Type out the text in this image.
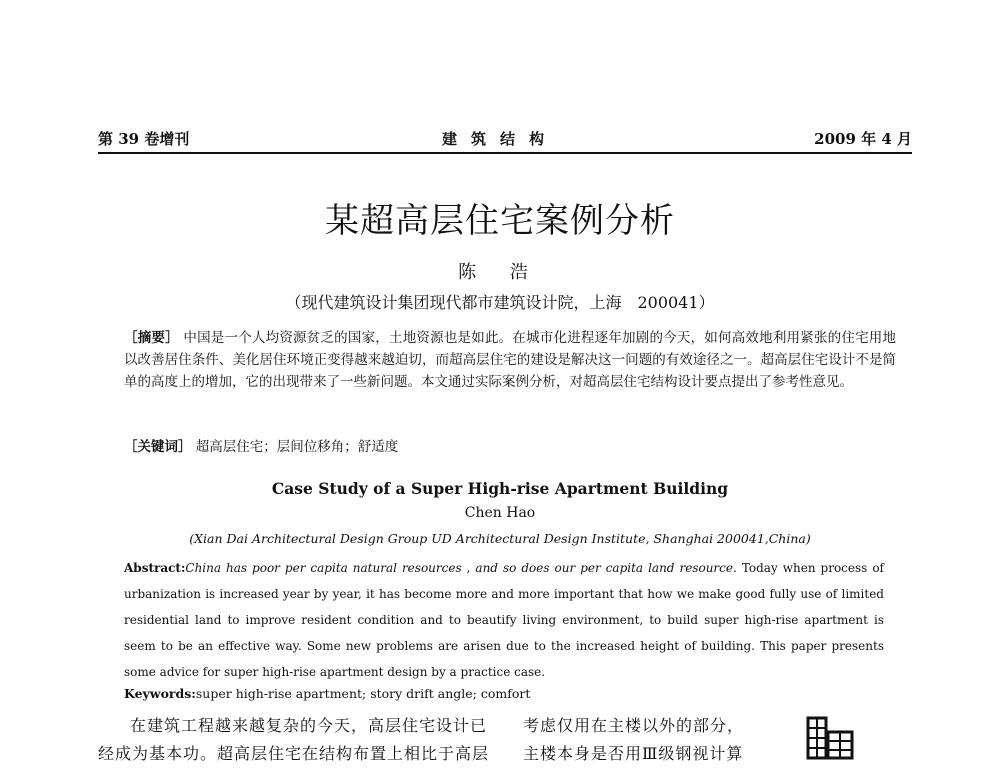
第 39 卷增刊	建筑结构	2009 年 4 月
某超高层住宅案例分析
陈 浩
（现代建筑设计集团现代都市建筑设计院，上海　200041）
［摘要］ 中国是一个人均资源贫乏的国家，土地资源也是如此。在城市化进程逐年加剧的今天，如何高效地利用紧张的住宅用地以改善居住条件、美化居住环境正变得越来越迫切，而超高层住宅的建设是解决这一问题的有效途径之一。超高层住宅设计不是简单的高度上的增加，它的出现带来了一些新问题。本文通过实际案例分析，对超高层住宅结构设计要点提出了参考性意见。
［关键词］ 超高层住宅；层间位移角；舒适度
Case Study of a Super High-rise Apartment Building
Chen Hao
(Xian Dai Architectural Design Group UD Architectural Design Institute, Shanghai 200041,China)
Abstract:China has poor per capita natural resources , and so does our per capita land resource. Today when process of urbanization is increased year by year, it has become more and more important that how we make good fully use of limited residential land to improve resident condition and to beautify living environment, to build super high-rise apartment is seem to be an effective way. Some new problems are arisen due to the increased height of building. This paper presents some advice for super high-rise apartment design by a practice case.
Keywords:super high-rise apartment; story drift angle; comfort
在建筑工程越来越复杂的今天，高层住宅设计已
经成为基本功。超高层住宅在结构布置上相比于高层
考虑仅用在主楼以外的部分，
主楼本身是否用Ⅲ级钢视计算
